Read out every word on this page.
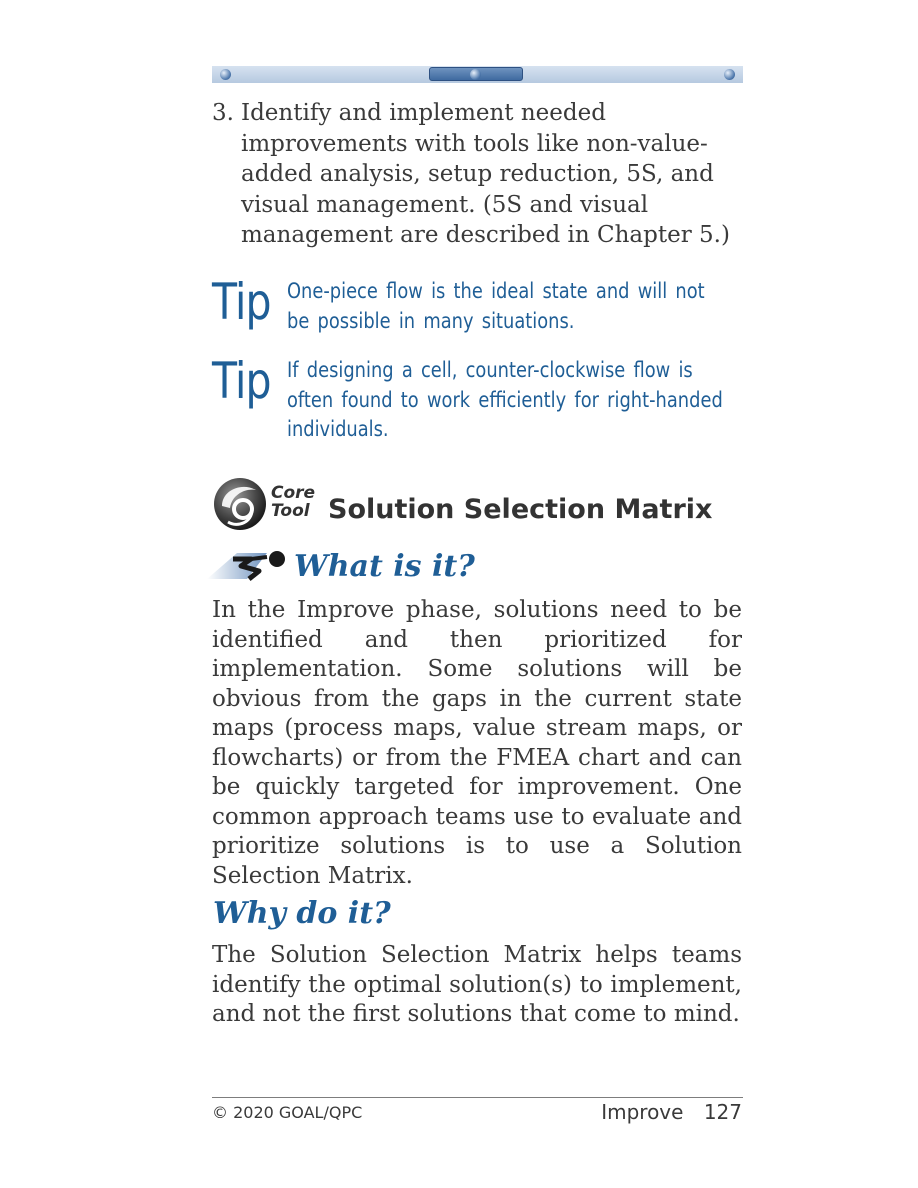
3. Identify and implement needed improvements with tools like non-value-added analysis, setup reduction, 5S, and visual management. (5S and visual management are described in Chapter 5.)
Tip One-piece flow is the ideal state and will not be possible in many situations.
Tip If designing a cell, counter-clockwise flow is often found to work efficiently for right-handed individuals.
Core
Tool Solution Selection Matrix
What is it?
In the Improve phase, solutions need to be identified and then prioritized for implementation. Some solutions will be obvious from the gaps in the current state maps (process maps, value stream maps, or flowcharts) or from the FMEA chart and can be quickly targeted for improvement. One common approach teams use to evaluate and prioritize solutions is to use a Solution Selection Matrix.
Why do it?
The Solution Selection Matrix helps teams identify the optimal solution(s) to implement, and not the first solutions that come to mind.
© 2020 GOAL/QPC	Improve 127
